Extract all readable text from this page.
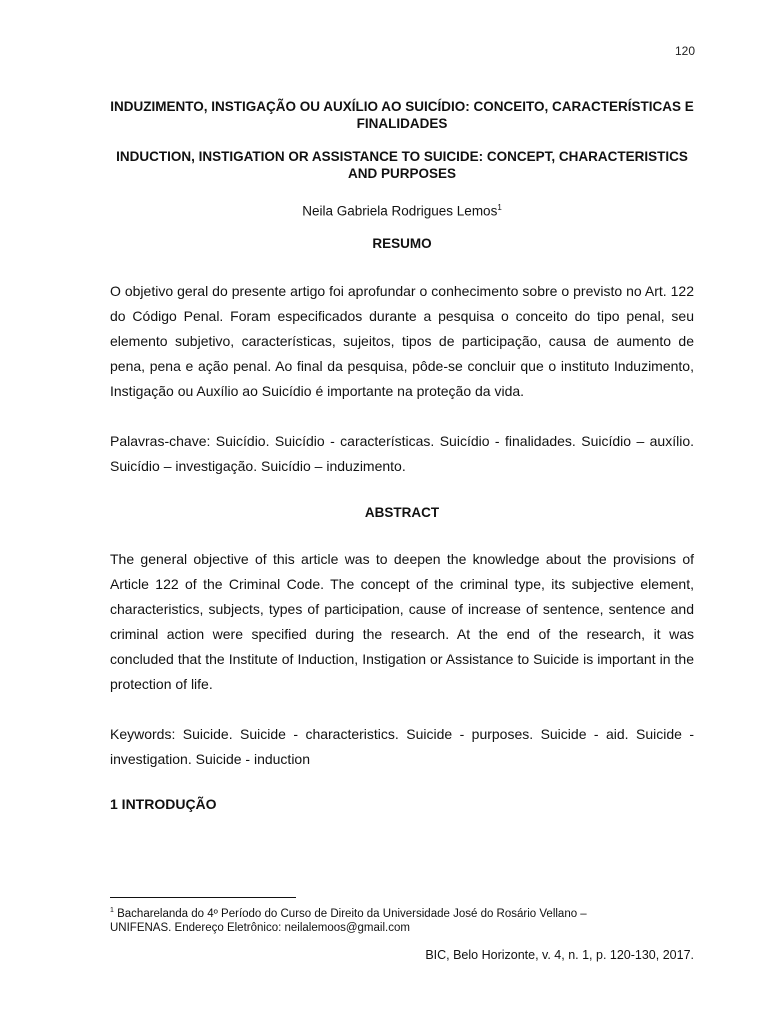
120
INDUZIMENTO, INSTIGAÇÃO OU AUXÍLIO AO SUICÍDIO: CONCEITO, CARACTERÍSTICAS E FINALIDADES
INDUCTION, INSTIGATION OR ASSISTANCE TO SUICIDE: CONCEPT, CHARACTERISTICS AND PURPOSES
Neila Gabriela Rodrigues Lemos$^1$
RESUMO

O objetivo geral do presente artigo foi aprofundar o conhecimento sobre o previsto no Art. 122 do Código Penal. Foram especificados durante a pesquisa o conceito do tipo penal, seu elemento subjetivo, características, sujeitos, tipos de participação, causa de aumento de pena, pena e ação penal. Ao final da pesquisa, pôde-se concluir que o instituto Induzimento, Instigação ou Auxílio ao Suicídio é importante na proteção da vida.

Palavras-chave: Suicídio. Suicídio - características. Suicídio - finalidades. Suicídio – auxílio. Suicídio – investigação. Suicídio – induzimento.

ABSTRACT

The general objective of this article was to deepen the knowledge about the provisions of Article 122 of the Criminal Code. The concept of the criminal type, its subjective element, characteristics, subjects, types of participation, cause of increase of sentence, sentence and criminal action were specified during the research. At the end of the research, it was concluded that the Institute of Induction, Instigation or Assistance to Suicide is important in the protection of life.

Keywords: Suicide. Suicide - characteristics. Suicide - purposes. Suicide - aid. Suicide - investigation. Suicide - induction

1 INTRODUÇÃO
$^1$ Bacharelanda do 4º Período do Curso de Direito da Universidade José do Rosário Vellano –
UNIFENAS. Endereço Eletrônico: neilalemoos@gmail.com
BIC, Belo Horizonte, v. 4, n. 1, p. 120-130, 2017.
